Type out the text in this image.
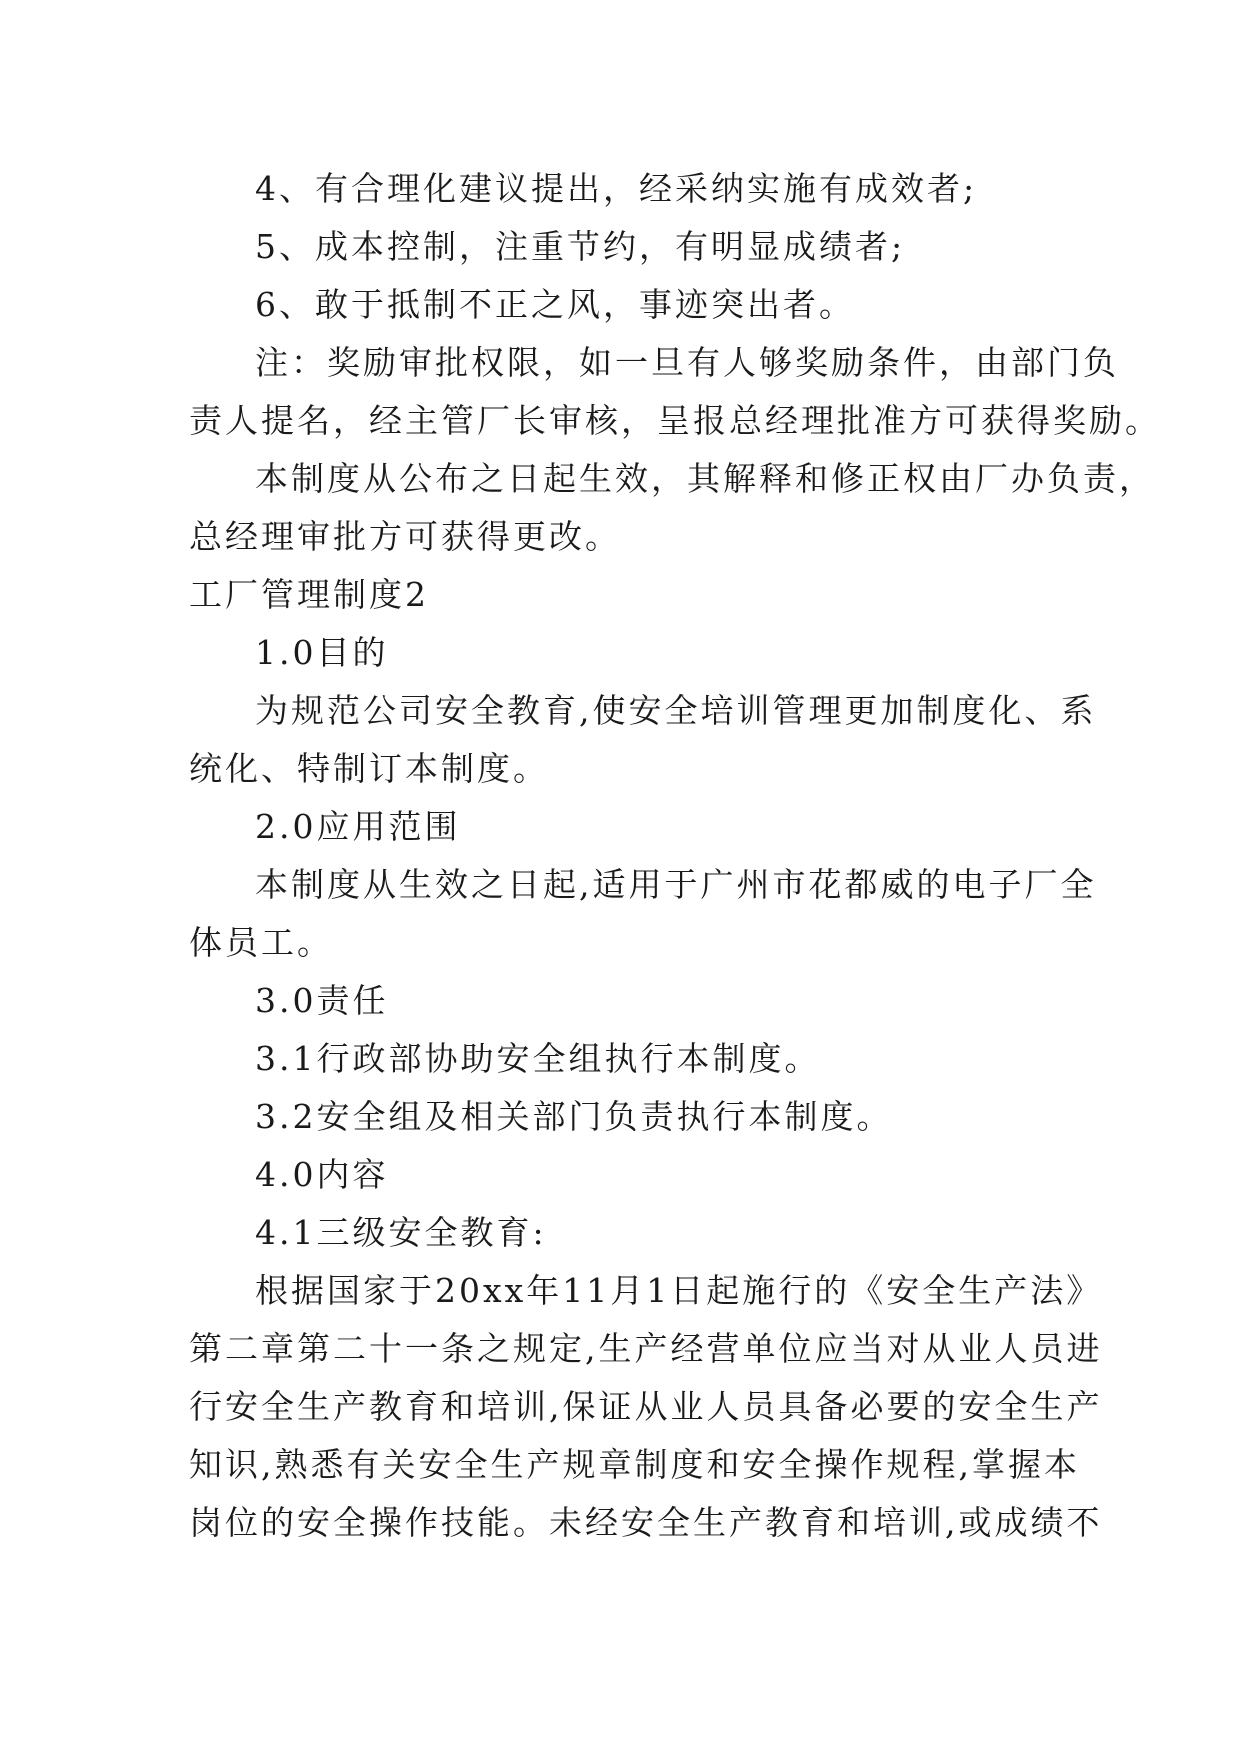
4、有合理化建议提出，经采纳实施有成效者;

5、成本控制，注重节约，有明显成绩者;

6、敢于抵制不正之风，事迹突出者。

注：奖励审批权限，如一旦有人够奖励条件，由部门负

责人提名，经主管厂长审核，呈报总经理批准方可获得奖励。

本制度从公布之日起生效，其解释和修正权由厂办负责，

总经理审批方可获得更改。

工厂管理制度2

1.0目的

为规范公司安全教育,使安全培训管理更加制度化、系

统化、特制订本制度。

2.0应用范围

本制度从生效之日起,适用于广州市花都威的电子厂全

体员工。

3.0责任

3.1行政部协助安全组执行本制度。

3.2安全组及相关部门负责执行本制度。

4.0内容

4.1三级安全教育:

根据国家于20xx年11月1日起施行的《安全生产法》

第二章第二十一条之规定,生产经营单位应当对从业人员进

行安全生产教育和培训,保证从业人员具备必要的安全生产

知识,熟悉有关安全生产规章制度和安全操作规程,掌握本

岗位的安全操作技能。未经安全生产教育和培训,或成绩不
